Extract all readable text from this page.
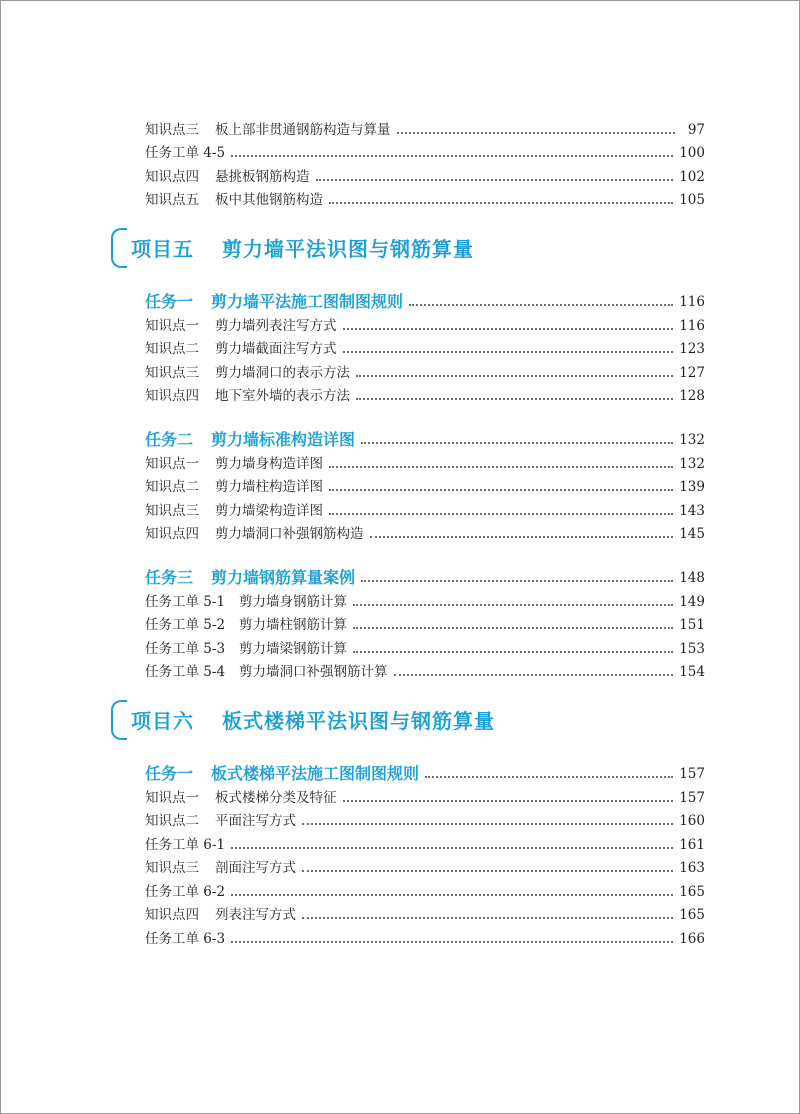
知识点三 板上部非贯通钢筋构造与算量	97
任务工单 4-5	100
知识点四 悬挑板钢筋构造	102
知识点五 板中其他钢筋构造	105
项目五 剪力墙平法识图与钢筋算量
任务一 剪力墙平法施工图制图规则	116
知识点一 剪力墙列表注写方式	116
知识点二 剪力墙截面注写方式	123
知识点三 剪力墙洞口的表示方法	127
知识点四 地下室外墙的表示方法	128
任务二 剪力墙标准构造详图	132
知识点一 剪力墙身构造详图	132
知识点二 剪力墙柱构造详图	139
知识点三 剪力墙梁构造详图	143
知识点四 剪力墙洞口补强钢筋构造	145
任务三 剪力墙钢筋算量案例	148
任务工单 5-1 剪力墙身钢筋计算	149
任务工单 5-2 剪力墙柱钢筋计算	151
任务工单 5-3 剪力墙梁钢筋计算	153
任务工单 5-4 剪力墙洞口补强钢筋计算	154
项目六 板式楼梯平法识图与钢筋算量
任务一 板式楼梯平法施工图制图规则	157
知识点一 板式楼梯分类及特征	157
知识点二 平面注写方式	160
任务工单 6-1	161
知识点三 剖面注写方式	163
任务工单 6-2	165
知识点四 列表注写方式	165
任务工单 6-3	166
